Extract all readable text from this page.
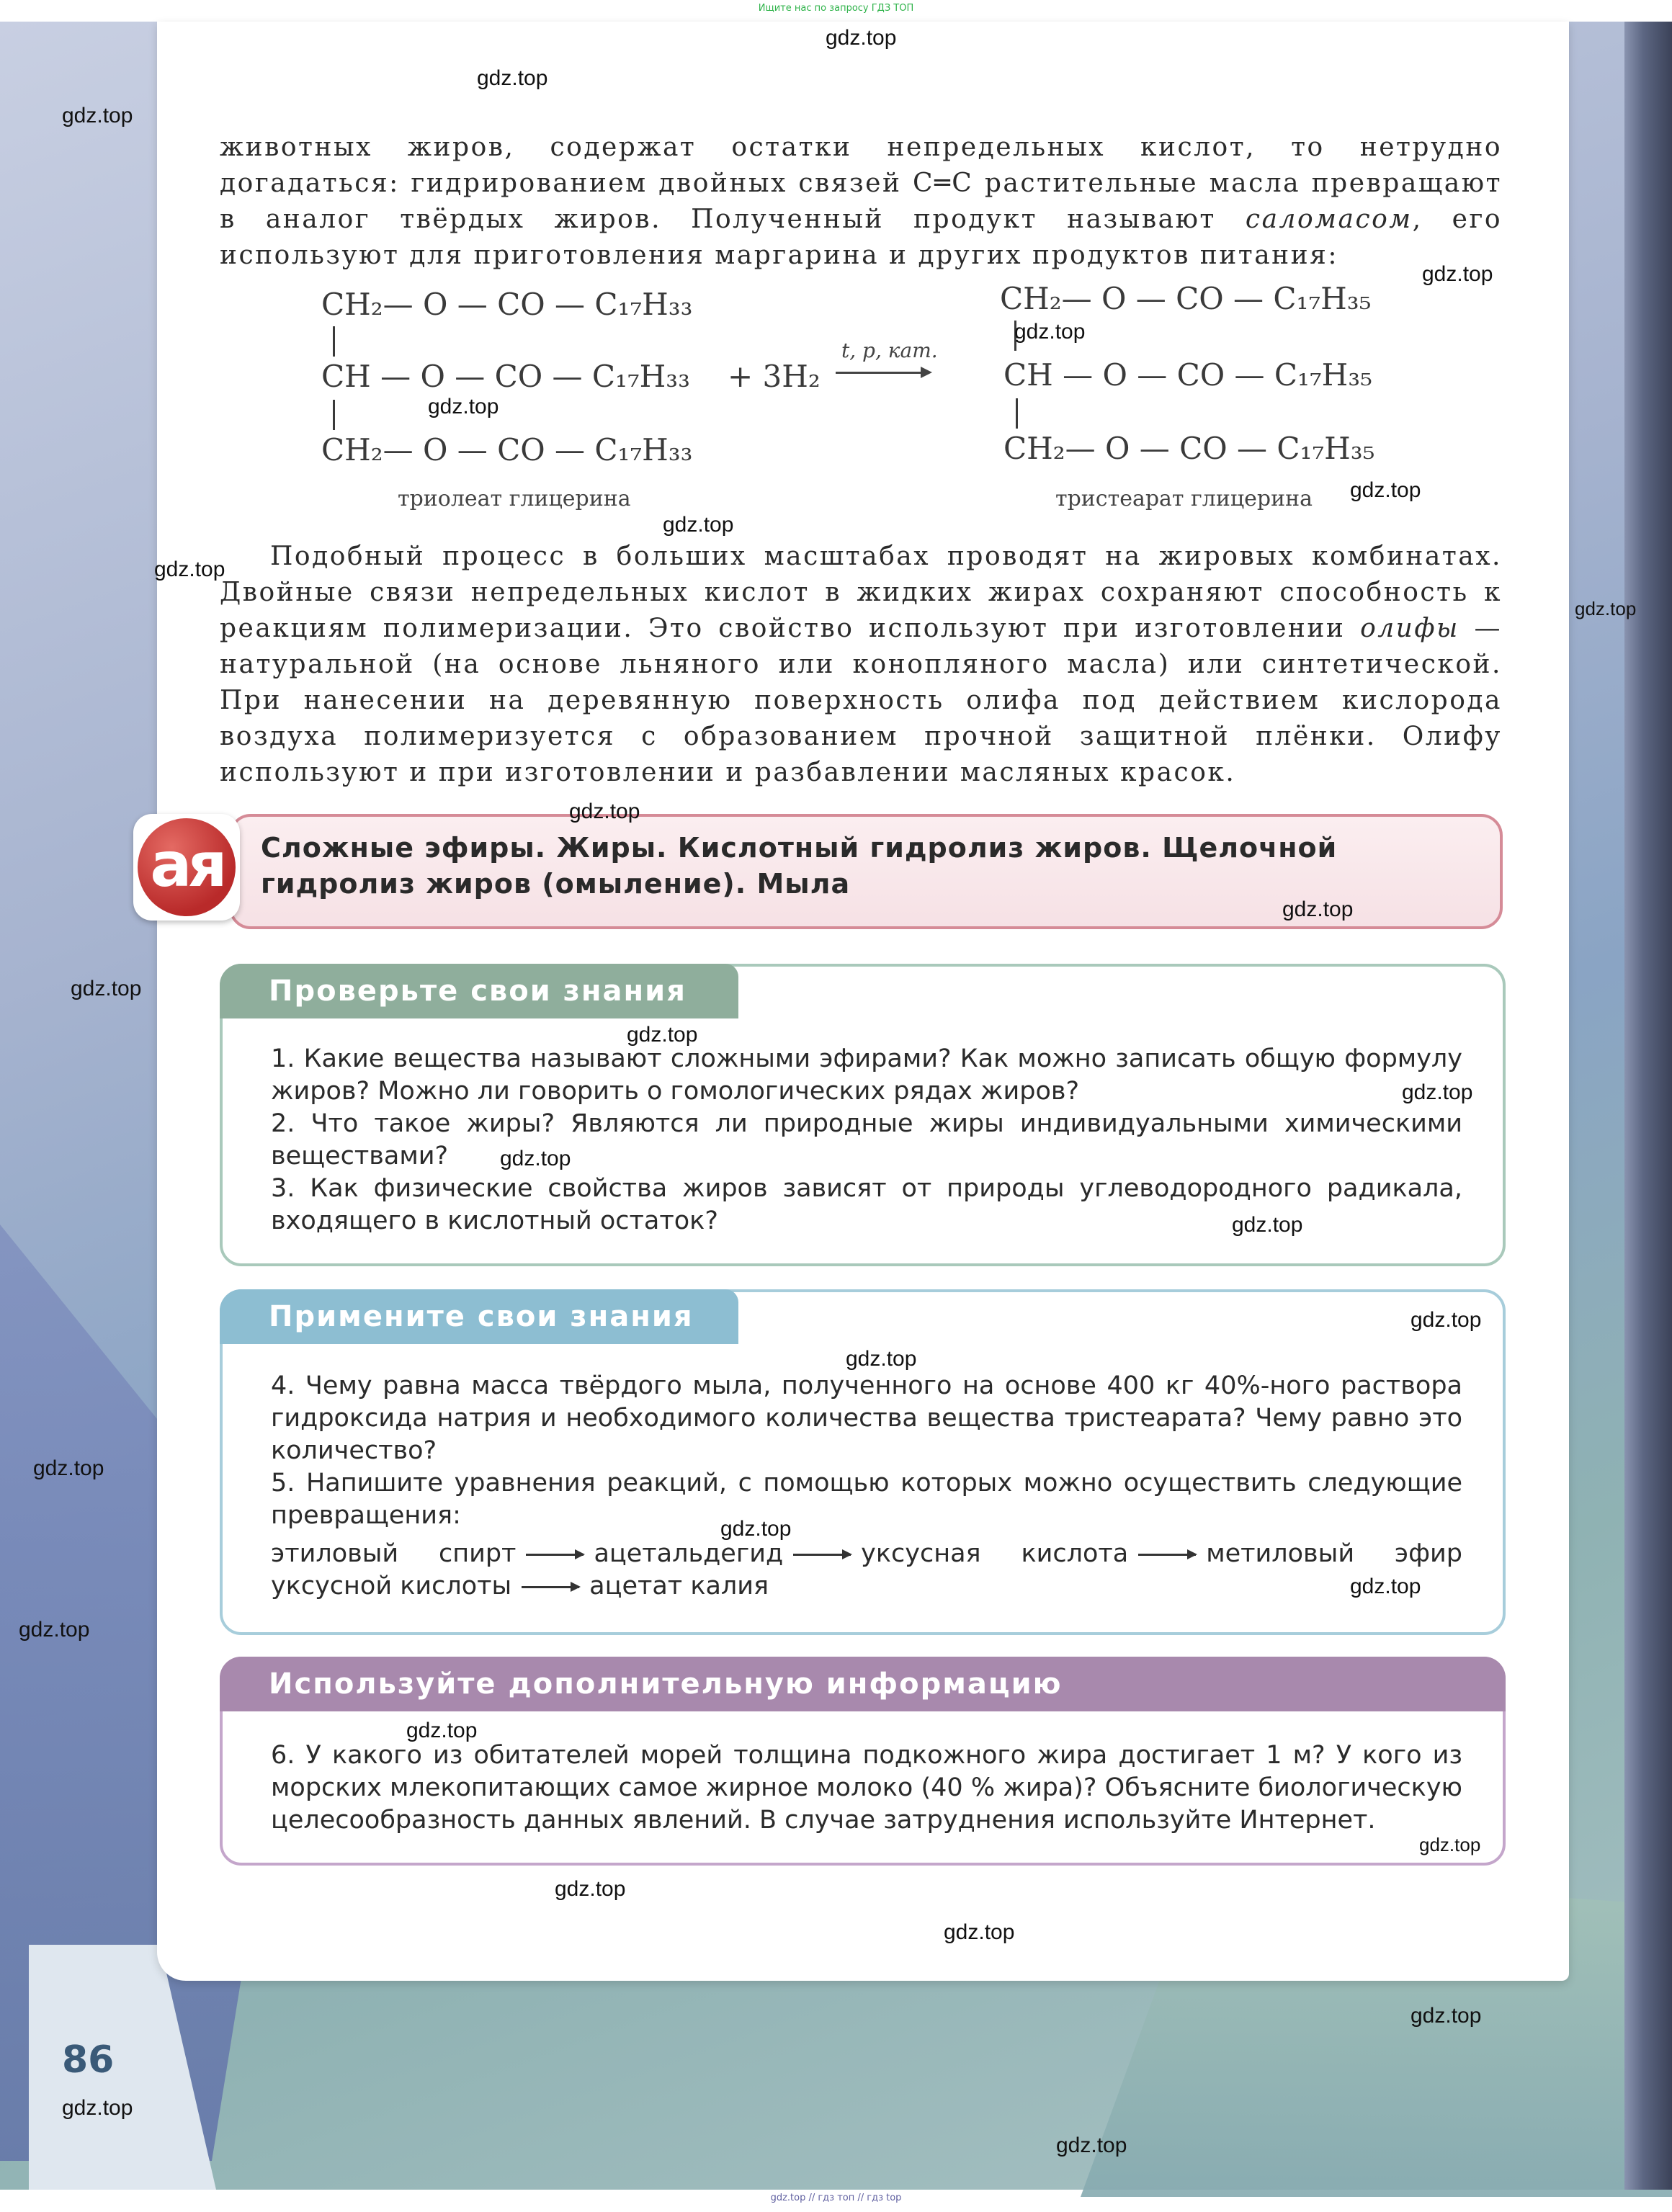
Ищите нас по запросу ГДЗ ТОП

животных жиров, содержат остатки непредельных кислот, то нетрудно догадаться: гидрированием двойных связей C═C растительные масла превращают в аналог твёрдых жиров. Полученный продукт называют саломасом, его используют для приготовления маргарина и других продуктов питания:

CH₂— O — CO — C₁₇H₃₃
CH — O — CO — C₁₇H₃₃
CH₂— O — CO — C₁₇H₃₃
триолеат глицерина
+ 3H₂
t, p, кат.
CH₂— O — CO — C₁₇H₃₅
CH — O — CO — C₁₇H₃₅
CH₂— O — CO — C₁₇H₃₅
тристеарат глицерина

Подобный процесс в больших масштабах проводят на жировых комбинатах. Двойные связи непредельных кислот в жидких жирах сохраняют способность к реакциям полимеризации. Это свойство используют при изготовлении олифы — натуральной (на основе льняного или конопляного масла) или синтетической. При нанесении на деревянную поверхность олифа под действием кислорода воздуха полимеризуется с образованием прочной защитной плёнки. Олифу используют и при изготовлении и разбавлении масляных красок.

ая	Сложные эфиры. Жиры. Кислотный гидролиз жиров. Щелочной гидролиз жиров (омыление). Мыла
Проверьте свои знания

1. Какие вещества называют сложными эфирами? Как можно записать общую формулу жиров? Можно ли говорить о гомологических рядах жиров?

2. Что такое жиры? Являются ли природные жиры индивидуальными химическими веществами?

3. Как физические свойства жиров зависят от природы углеводородного радикала, входящего в кислотный остаток?

Примените свои знания

4. Чему равна масса твёрдого мыла, полученного на основе 400 кг 40%-ного раствора гидроксида натрия и необходимого количества вещества тристеарата? Чему равно это количество?

5. Напишите уравнения реакций, с помощью которых можно осуществить следующие превращения:

этиловый спирт	ацетальдегид	уксусная кислота	метиловый эфир уксусной кислоты	ацетат калия

Используйте дополнительную информацию

6. У какого из обитателей морей толщина подкожного жира достигает 1 м? У кого из морских млекопитающих самое жирное молоко (40 % жира)? Объясните биологическую целесообразность данных явлений. В случае затруднения используйте Интернет.

86
gdz.top
gdz.top
gdz.top
gdz.top
gdz.top
gdz.top
gdz.top
gdz.top
gdz.top
gdz.top
gdz.top
gdz.top
gdz.top
gdz.top
gdz.top
gdz.top
gdz.top
gdz.top
gdz.top
gdz.top
gdz.top
gdz.top
gdz.top
gdz.top
gdz.top
gdz.top
gdz.top
gdz.top
gdz.top
gdz.top
gdz.top // гдз топ // гдз top
